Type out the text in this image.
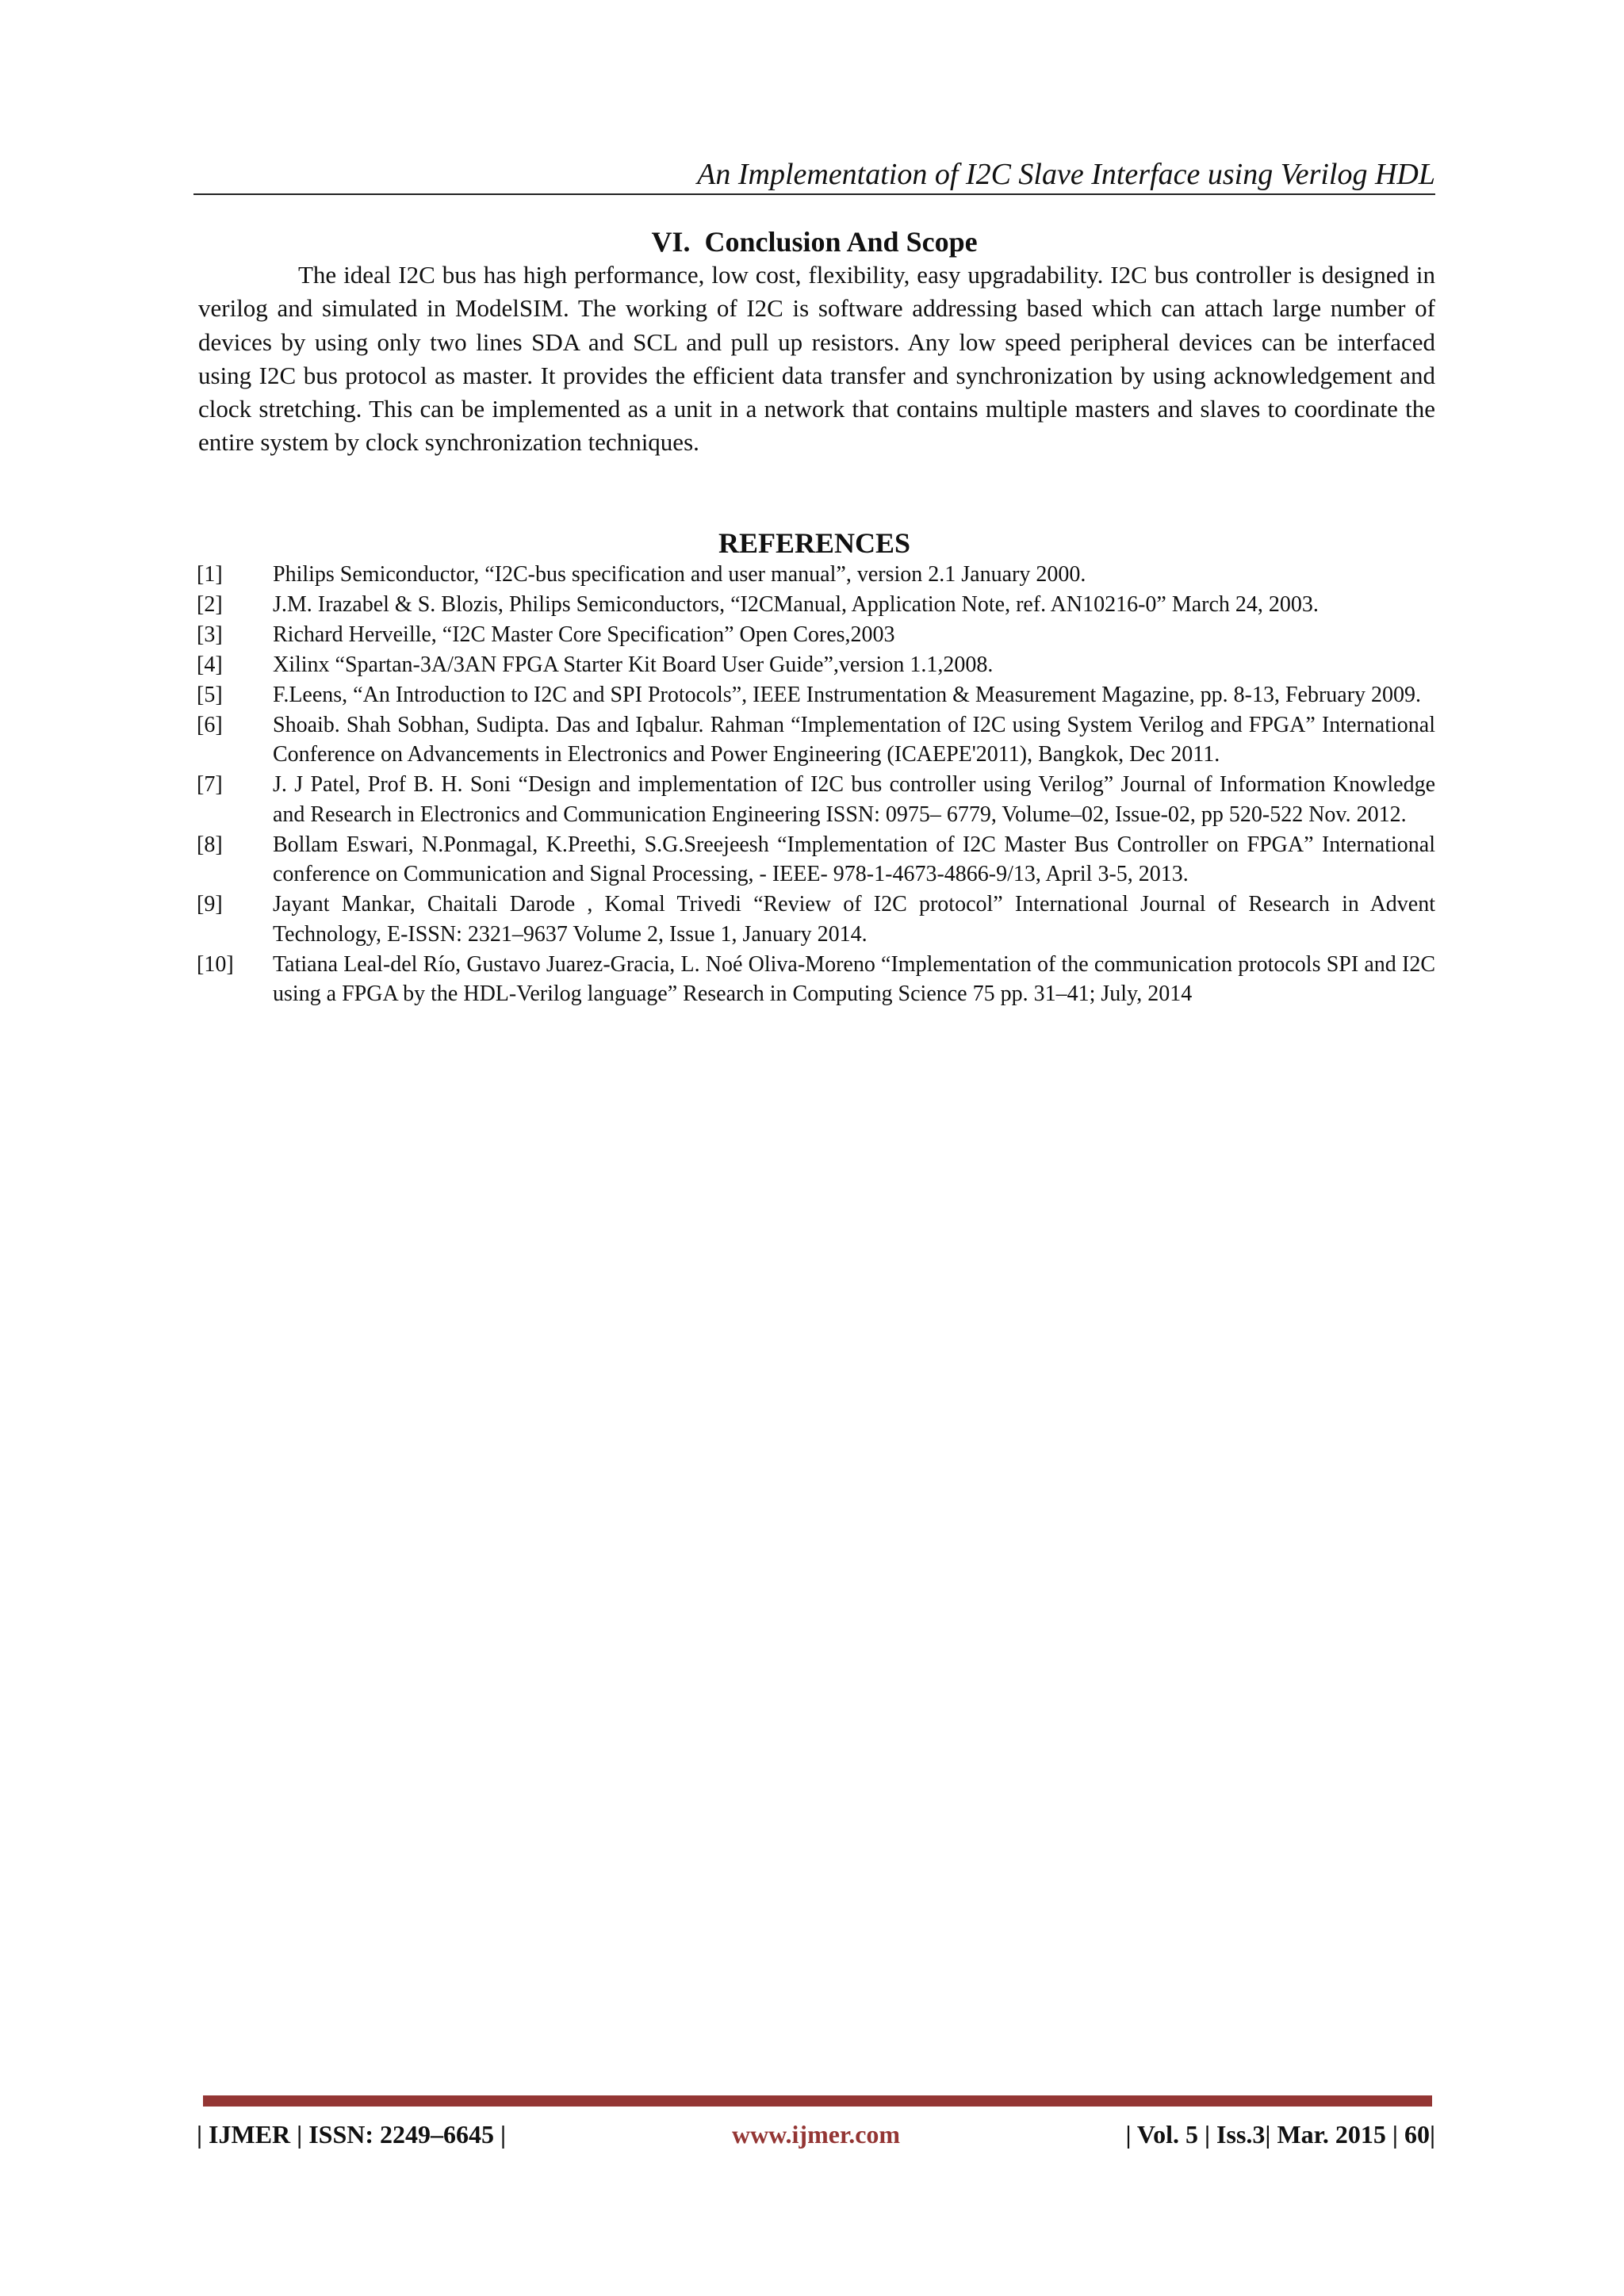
An Implementation of I2C Slave Interface using Verilog HDL
VI. Conclusion And Scope

The ideal I2C bus has high performance, low cost, flexibility, easy upgradability. I2C bus controller is designed in verilog and simulated in ModelSIM. The working of I2C is software addressing based which can attach large number of devices by using only two lines SDA and SCL and pull up resistors. Any low speed peripheral devices can be interfaced using I2C bus protocol as master. It provides the efficient data transfer and synchronization by using acknowledgement and clock stretching. This can be implemented as a unit in a network that contains multiple masters and slaves to coordinate the entire system by clock synchronization techniques.

REFERENCES
[1]	Philips Semiconductor, “I2C-bus specification and user manual”, version 2.1 January 2000.
[2]	J.M. Irazabel & S. Blozis, Philips Semiconductors, “I2CManual, Application Note, ref. AN10216-0” March 24, 2003.
[3]	Richard Herveille, “I2C Master Core Specification” Open Cores,2003
[4]	Xilinx “Spartan-3A/3AN FPGA Starter Kit Board User Guide”,version 1.1,2008.
[5]	F.Leens, “An Introduction to I2C and SPI Protocols”, IEEE Instrumentation & Measurement Magazine, pp. 8-13, February 2009.
[6]	Shoaib. Shah Sobhan, Sudipta. Das and Iqbalur. Rahman “Implementation of I2C using System Verilog and FPGA” International Conference on Advancements in Electronics and Power Engineering (ICAEPE'2011), Bangkok, Dec 2011.
[7]	J. J Patel, Prof B. H. Soni “Design and implementation of I2C bus controller using Verilog” Journal of Information Knowledge and Research in Electronics and Communication Engineering ISSN: 0975– 6779, Volume–02, Issue-02, pp 520-522 Nov. 2012.
[8]	Bollam Eswari, N.Ponmagal, K.Preethi, S.G.Sreejeesh “Implementation of I2C Master Bus Controller on FPGA” International conference on Communication and Signal Processing, - IEEE- 978-1-4673-4866-9/13, April 3-5, 2013.
[9]	Jayant Mankar, Chaitali Darode , Komal Trivedi “Review of I2C protocol” International Journal of Research in Advent Technology, E-ISSN: 2321–9637 Volume 2, Issue 1, January 2014.
[10]	Tatiana Leal-del Río, Gustavo Juarez-Gracia, L. Noé Oliva-Moreno “Implementation of the communication protocols SPI and I2C using a FPGA by the HDL-Verilog language” Research in Computing Science 75 pp. 31–41; July, 2014
| IJMER | ISSN: 2249–6645 |	www.ijmer.com	| Vol. 5 | Iss.3| Mar. 2015 | 60|
